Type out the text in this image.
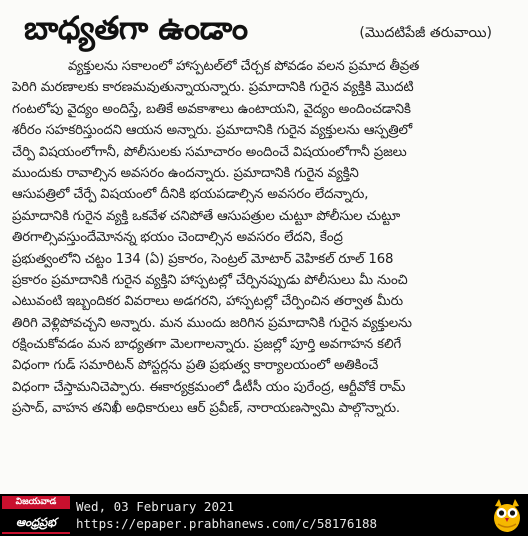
బాధ్యతగా ఉండాం	(మొదటిపేజీ తరువాయి)
వ్యక్తులను సకాలంలో హాస్పటల్‌లో చేర్చక పోవడం వలన ప్రమాద తీవ్రత
పెరిగి మరణాలకు కారణమవుతున్నాయన్నారు. ప్రమాదానికి గురైన వ్యక్తికి మొదటి
గంటలోపు వైద్యం అందిస్తే, బతికే అవకాశాలు ఉంటాయని, వైద్యం అందించడానికి
శరీరం సహకరిస్తుందని ఆయన అన్నారు. ప్రమాదానికి గురైన వ్యక్తులను ఆస్పత్రిలో
చేర్పి విషయంలోగానీ, పోలీసులకు సమాచారం అందించే విషయంలోగానీ ప్రజలు
ముందుకు రావాల్సిన అవసరం ఉందన్నారు. ప్రమాదానికి గురైన వ్యక్తిని
ఆసుపత్రిలో చేర్పే విషయంలో దీనికి భయపడాల్సిన అవసరం లేదన్నారు,
ప్రమాదానికి గురైన వ్యక్తి ఒకవేళ చనిపోతే ఆసుపత్రుల చుట్టూ పోలీసుల చుట్టూ
తిరగాల్సివస్తుందేమోనన్న భయం చెందాల్సిన అవసరం లేదని, కేంద్ర
ప్రభుత్వంలోని చట్టం 134 (ఏ) ప్రకారం, సెంట్రల్ మోటార్ వెహికల్ రూల్ 168
ప్రకారం ప్రమాదానికి గురైన వ్యక్తిని హాస్పటల్లో చేర్పినప్పుడు పోలీసులు మీ నుంచి
ఎటువంటి ఇబ్బందికర వివరాలు అడగరని, హాస్పటల్లో చేర్పించిన తర్వాత మీరు
తిరిగి వెళ్లిపోవచ్చని అన్నారు. మన ముందు జరిగిన ప్రమాదానికి గురైన వ్యక్తులను
రక్షించుకోవడం మన బాధ్యతగా మెలగాలన్నారు. ప్రజల్లో పూర్తి అవగాహన కలిగే
విధంగా గుడ్ సమారిటన్ పోస్టర్లను ప్రతి ప్రభుత్వ కార్యాలయంలో అతికించే
విధంగా చేస్తామనిచెప్పారు. ఈకార్యక్రమంలో డీటీసీ యం పురేంద్ర, ఆర్టీవోకే రామ్
ప్రసాద్, వాహన తనిఖీ అధికారులు ఆర్ ప్రవీణ్, నారాయణస్వామి పాల్గొన్నారు.
విజయవాడ
ఆంధ్రప్రభ
Wed, 03 February 2021
https://epaper.prabhanews.com/c/58176188
